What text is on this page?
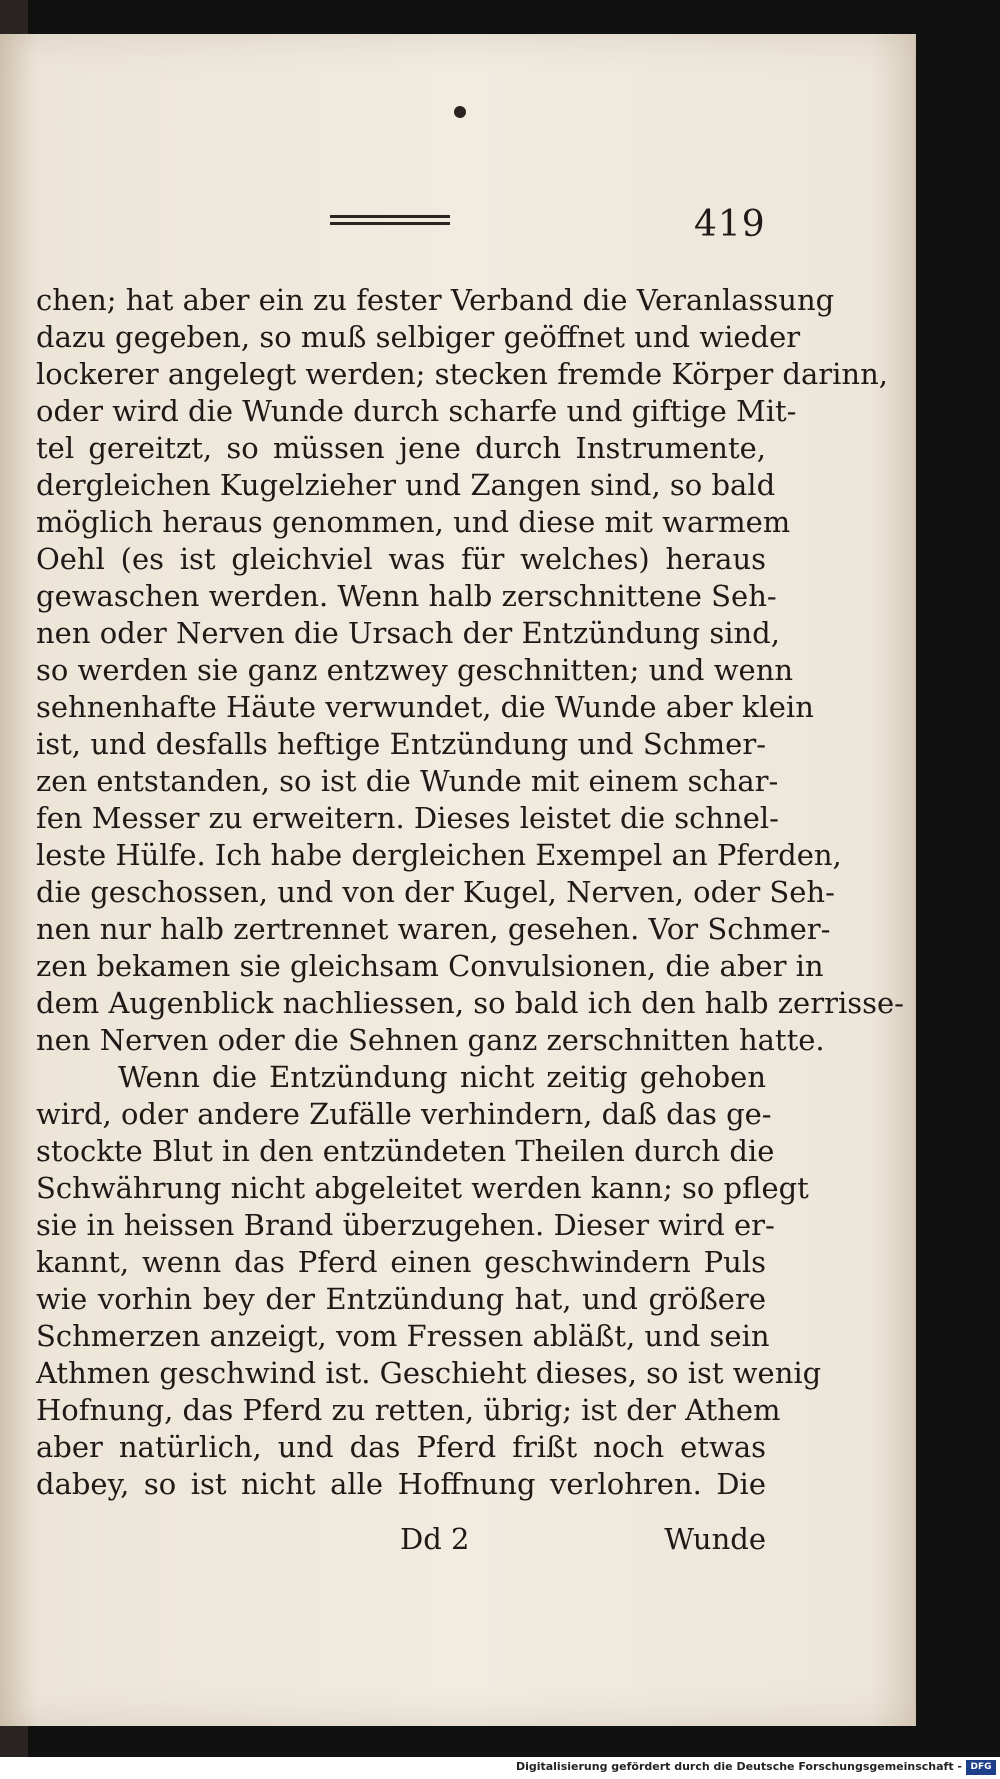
419
chen; hat aber ein zu fester Verband die Veranlassung
dazu gegeben, so muß selbiger geöffnet und wieder
lockerer angelegt werden; stecken fremde Körper darinn,
oder wird die Wunde durch scharfe und giftige Mit-
tel gereitzt, so müssen jene durch Instrumente,
dergleichen Kugelzieher und Zangen sind, so bald
möglich heraus genommen, und diese mit warmem
Oehl (es ist gleichviel was für welches) heraus
gewaschen werden. Wenn halb zerschnittene Seh-
nen oder Nerven die Ursach der Entzündung sind,
so werden sie ganz entzwey geschnitten; und wenn
sehnenhafte Häute verwundet, die Wunde aber klein
ist, und desfalls heftige Entzündung und Schmer-
zen entstanden, so ist die Wunde mit einem schar-
fen Messer zu erweitern. Dieses leistet die schnel-
leste Hülfe. Ich habe dergleichen Exempel an Pferden,
die geschossen, und von der Kugel, Nerven, oder Seh-
nen nur halb zertrennet waren, gesehen. Vor Schmer-
zen bekamen sie gleichsam Convulsionen, die aber in
dem Augenblick nachliessen, so bald ich den halb zerrisse-
nen Nerven oder die Sehnen ganz zerschnitten hatte.
Wenn die Entzündung nicht zeitig gehoben
wird, oder andere Zufälle verhindern, daß das ge-
stockte Blut in den entzündeten Theilen durch die
Schwährung nicht abgeleitet werden kann; so pflegt
sie in heissen Brand überzugehen. Dieser wird er-
kannt, wenn das Pferd einen geschwindern Puls
wie vorhin bey der Entzündung hat, und größere
Schmerzen anzeigt, vom Fressen abläßt, und sein
Athmen geschwind ist. Geschieht dieses, so ist wenig
Hofnung, das Pferd zu retten, übrig; ist der Athem
aber natürlich, und das Pferd frißt noch etwas
dabey, so ist nicht alle Hoffnung verlohren. Die
Dd 2	Wunde
Digitalisierung gefördert durch die Deutsche Forschungsgemeinschaft - DFG
